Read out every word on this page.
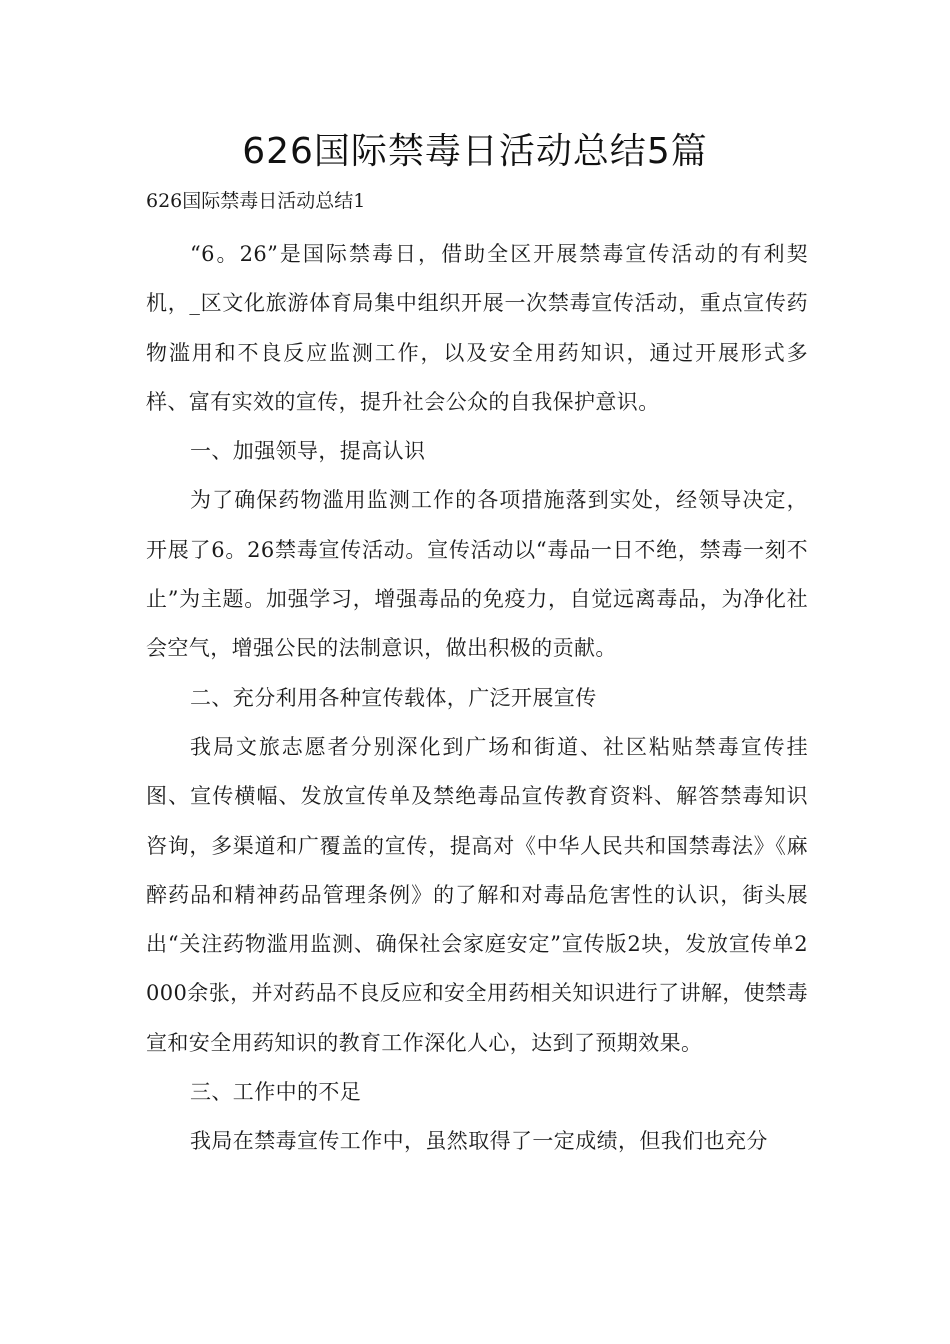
626国际禁毒日活动总结5篇

626国际禁毒日活动总结1

“6。26”是国际禁毒日，借助全区开展禁毒宣传活动的有利契机，_区文化旅游体育局集中组织开展一次禁毒宣传活动，重点宣传药物滥用和不良反应监测工作，以及安全用药知识，通过开展形式多样、富有实效的宣传，提升社会公众的自我保护意识。

一、加强领导，提高认识

为了确保药物滥用监测工作的各项措施落到实处，经领导决定，开展了6。26禁毒宣传活动。宣传活动以“毒品一日不绝，禁毒一刻不止”为主题。加强学习，增强毒品的免疫力，自觉远离毒品，为净化社会空气，增强公民的法制意识，做出积极的贡献。

二、充分利用各种宣传载体，广泛开展宣传

我局文旅志愿者分别深化到广场和街道、社区粘贴禁毒宣传挂图、宣传横幅、发放宣传单及禁绝毒品宣传教育资料、解答禁毒知识咨询，多渠道和广覆盖的宣传，提高对《中华人民共和国禁毒法》《麻醉药品和精神药品管理条例》的了解和对毒品危害性的认识，街头展出“关注药物滥用监测、确保社会家庭安定”宣传版2块，发放宣传单2000余张，并对药品不良反应和安全用药相关知识进行了讲解，使禁毒宣和安全用药知识的教育工作深化人心，达到了预期效果。

三、工作中的不足

我局在禁毒宣传工作中，虽然取得了一定成绩，但我们也充分
